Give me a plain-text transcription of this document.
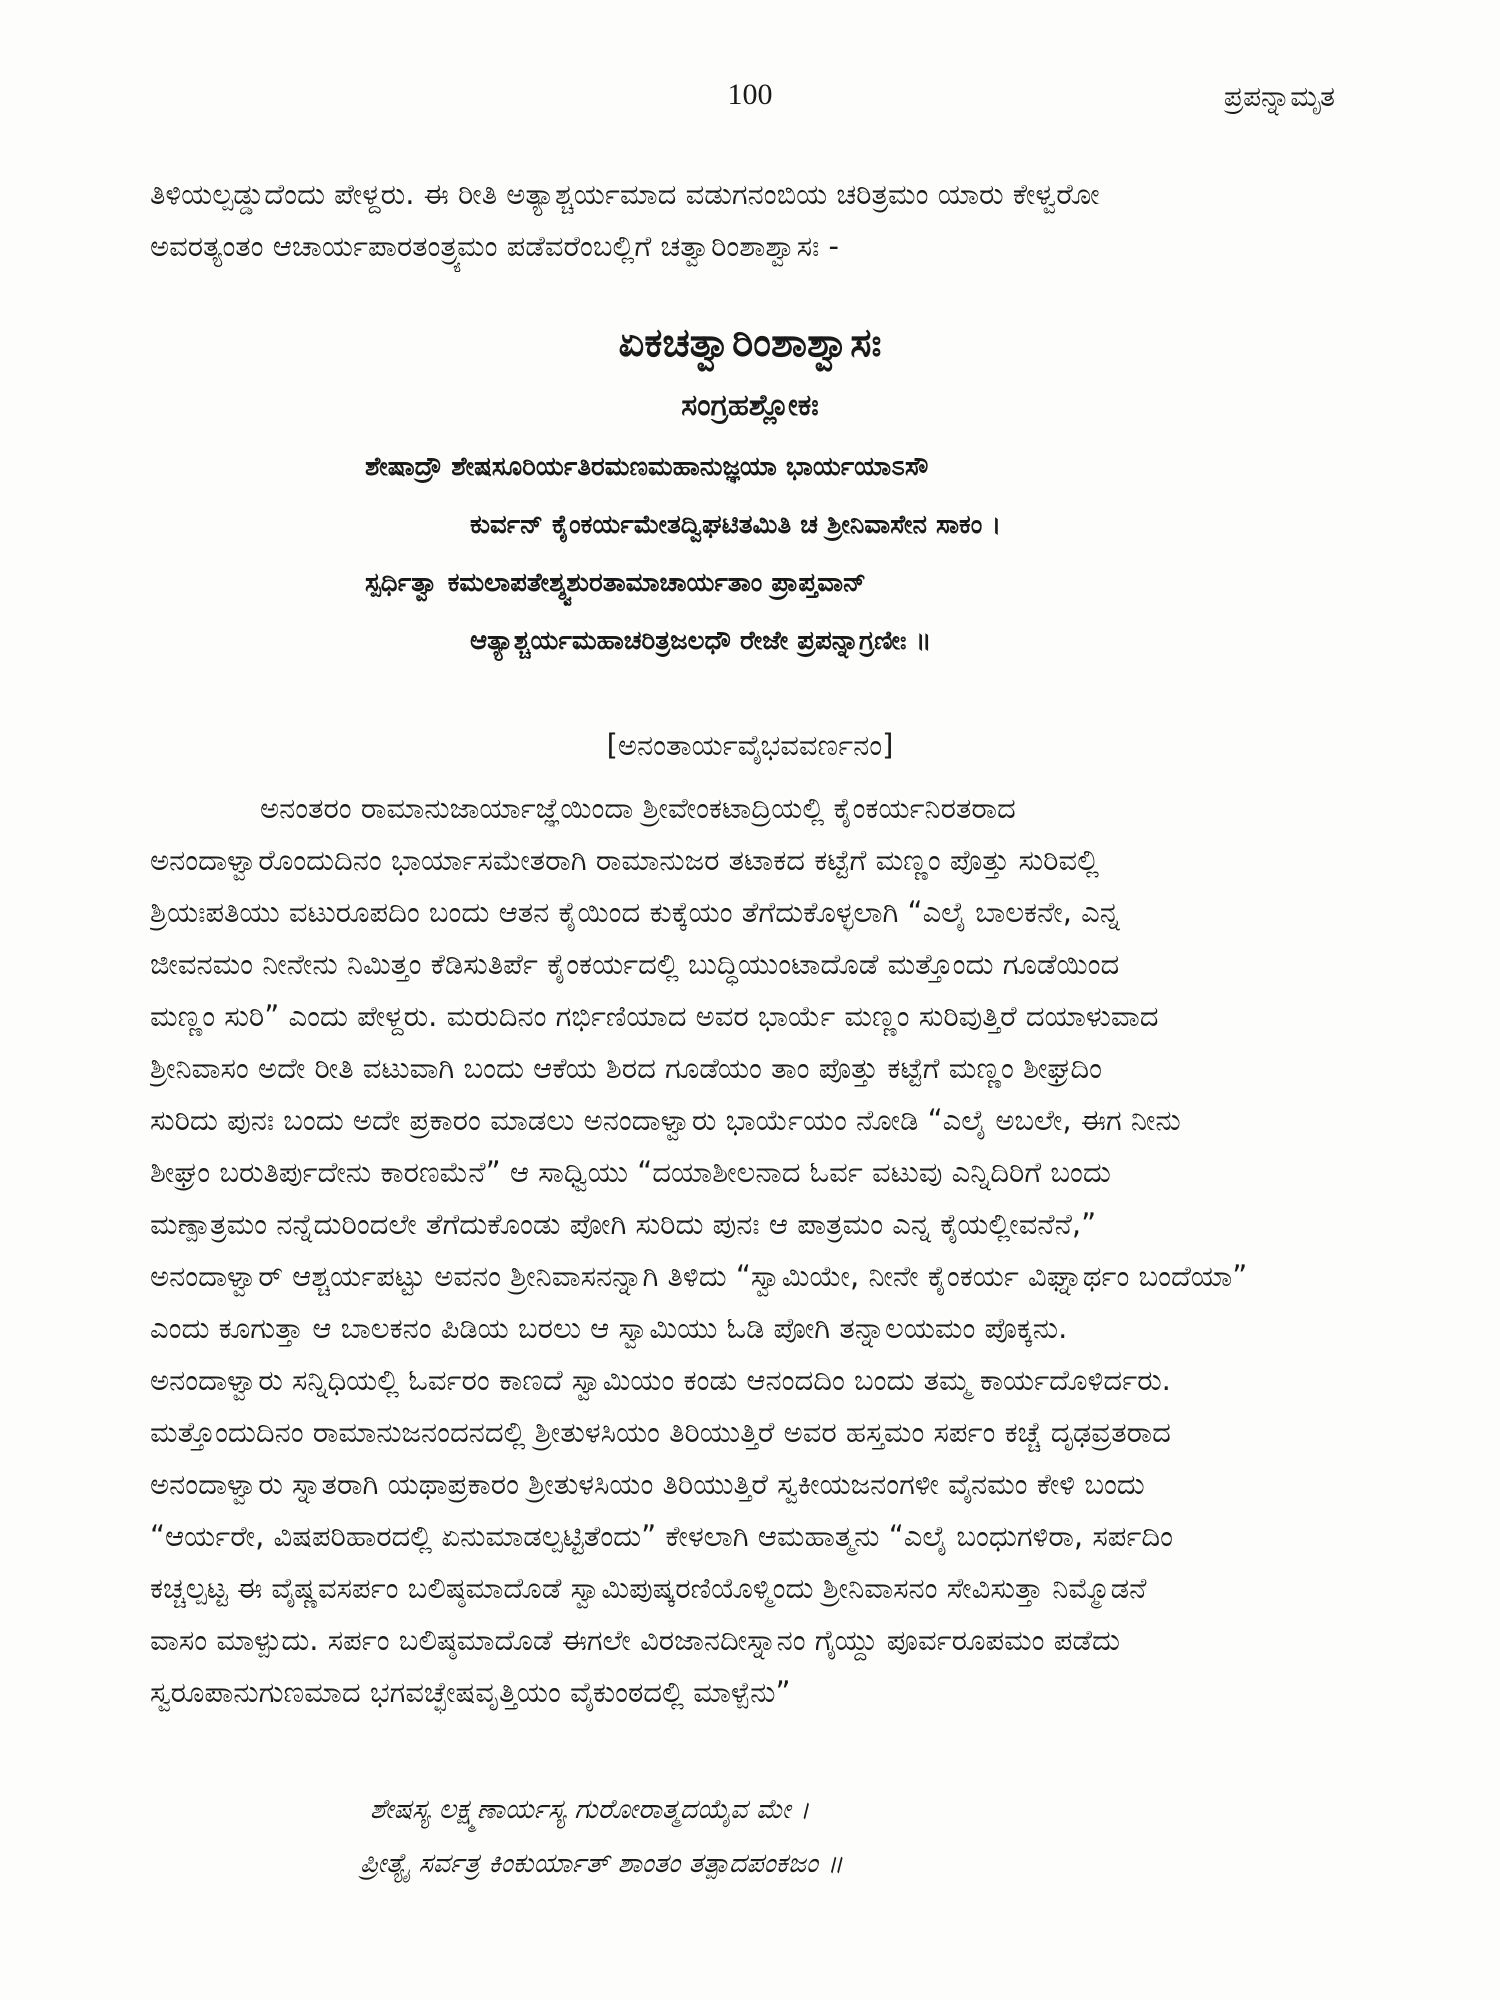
100	ಪ್ರಪನ್ನಾಮೃತ
ತಿಳಿಯಲ್ಪಡ್ಡುದೆಂದು ಪೇಳ್ದರು. ಈ ರೀತಿ ಅತ್ಯಾಶ್ಚರ್ಯಮಾದ ವಡುಗನಂಬಿಯ ಚರಿತ್ರಮಂ ಯಾರು ಕೇಳ್ವರೋ
ಅವರತ್ಯಂತಂ ಆಚಾರ್ಯಪಾರತಂತ್ರ್ಯಮಂ ಪಡೆವರೆಂಬಲ್ಲಿಗೆ ಚತ್ವಾರಿಂಶಾಶ್ವಾಸಃ -
ಏಕಚತ್ವಾರಿಂಶಾಶ್ವಾಸಃ
ಸಂಗ್ರಹಶ್ಲೋಕಃ
ಶೇಷಾದ್ರೌ ಶೇಷಸೂರಿರ್ಯತಿರಮಣಮಹಾನುಜ್ಞಯಾ ಭಾರ್ಯಯಾಽಸೌ
ಕುರ್ವನ್ ಕೈಂಕರ್ಯಮೇತದ್ವಿಘಟಿತಮಿತಿ ಚ ಶ್ರೀನಿವಾಸೇನ ಸಾಕಂ ।
ಸ್ಪರ್ಧಿತ್ವಾ ಕಮಲಾಪತೇಶ್ಶ್ವಶುರತಾಮಾಚಾರ್ಯತಾಂ ಪ್ರಾಪ್ತವಾನ್
ಆತ್ಯಾಶ್ಚರ್ಯಮಹಾಚರಿತ್ರಜಲಧೌ ರೇಜೇ ಪ್ರಪನ್ನಾಗ್ರಣೀಃ ॥
[ಅನಂತಾರ್ಯವೈಭವವರ್ಣನಂ]
ಅನಂತರಂ ರಾಮಾನುಜಾರ್ಯಾಜ್ಞೆಯಿಂದಾ ಶ್ರೀವೇಂಕಟಾದ್ರಿಯಲ್ಲಿ ಕೈಂಕರ್ಯನಿರತರಾದ
ಅನಂದಾಳ್ವಾರೊಂದುದಿನಂ ಭಾರ್ಯಾಸಮೇತರಾಗಿ ರಾಮಾನುಜರ ತಟಾಕದ ಕಟ್ಟೆಗೆ ಮಣ್ಣಂ ಪೊತ್ತು ಸುರಿವಲ್ಲಿ
ಶ್ರಿಯಃಪತಿಯು ವಟುರೂಪದಿಂ ಬಂದು ಆತನ ಕೈಯಿಂದ ಕುಕ್ಕೆಯಂ ತೆಗೆದುಕೊಳ್ಳಲಾಗಿ “ಎಲೈ ಬಾಲಕನೇ, ಎನ್ನ
ಜೀವನಮಂ ನೀನೇನು ನಿಮಿತ್ತಂ ಕೆಡಿಸುತಿರ್ಪೆ ಕೈಂಕರ್ಯದಲ್ಲಿ ಬುದ್ಧಿಯುಂಟಾದೊಡೆ ಮತ್ತೊಂದು ಗೂಡೆಯಿಂದ
ಮಣ್ಣಂ ಸುರಿ” ಎಂದು ಪೇಳ್ದರು. ಮರುದಿನಂ ಗರ್ಭಿಣಿಯಾದ ಅವರ ಭಾರ್ಯೆ ಮಣ್ಣಂ ಸುರಿವುತ್ತಿರೆ ದಯಾಳುವಾದ
ಶ್ರೀನಿವಾಸಂ ಅದೇ ರೀತಿ ವಟುವಾಗಿ ಬಂದು ಆಕೆಯ ಶಿರದ ಗೂಡೆಯಂ ತಾಂ ಪೊತ್ತು ಕಟ್ಟೆಗೆ ಮಣ್ಣಂ ಶೀಘ್ರದಿಂ
ಸುರಿದು ಪುನಃ ಬಂದು ಅದೇ ಪ್ರಕಾರಂ ಮಾಡಲು ಅನಂದಾಳ್ವಾರು ಭಾರ್ಯೆಯಂ ನೋಡಿ “ಎಲೈ ಅಬಲೇ, ಈಗ ನೀನು
ಶೀಘ್ರಂ ಬರುತಿರ್ಪುದೇನು ಕಾರಣಮೆನೆ” ಆ ಸಾಧ್ವಿಯು “ದಯಾಶೀಲನಾದ ಓರ್ವ ವಟುವು ಎನ್ನಿದಿರಿಗೆ ಬಂದು
ಮಣ್ಪಾತ್ರಮಂ ನನ್ನೆದುರಿಂದಲೇ ತೆಗೆದುಕೊಂಡು ಪೋಗಿ ಸುರಿದು ಪುನಃ ಆ ಪಾತ್ರಮಂ ಎನ್ನ ಕೈಯಲ್ಲೀವನೆನೆ,”
ಅನಂದಾಳ್ವಾರ್ ಆಶ್ಚರ್ಯಪಟ್ಟು ಅವನಂ ಶ್ರೀನಿವಾಸನನ್ನಾಗಿ ತಿಳಿದು “ಸ್ವಾಮಿಯೇ, ನೀನೇ ಕೈಂಕರ್ಯ ವಿಘ್ನಾರ್ಥಂ ಬಂದೆಯಾ”
ಎಂದು ಕೂಗುತ್ತಾ ಆ ಬಾಲಕನಂ ಪಿಡಿಯ ಬರಲು ಆ ಸ್ವಾಮಿಯು ಓಡಿ ಪೋಗಿ ತನ್ನಾಲಯಮಂ ಪೊಕ್ಕನು.
ಅನಂದಾಳ್ವಾರು ಸನ್ನಿಧಿಯಲ್ಲಿ ಓರ್ವರಂ ಕಾಣದೆ ಸ್ವಾಮಿಯಂ ಕಂಡು ಆನಂದದಿಂ ಬಂದು ತಮ್ಮ ಕಾರ್ಯದೊಳಿರ್ದರು.
ಮತ್ತೊಂದುದಿನಂ ರಾಮಾನುಜನಂದನದಲ್ಲಿ ಶ್ರೀತುಳಸಿಯಂ ತಿರಿಯುತ್ತಿರೆ ಅವರ ಹಸ್ತಮಂ ಸರ್ಪಂ ಕಚ್ಚೆ ದೃಢವ್ರತರಾದ
ಅನಂದಾಳ್ವಾರು ಸ್ನಾತರಾಗಿ ಯಥಾಪ್ರಕಾರಂ ಶ್ರೀತುಳಸಿಯಂ ತಿರಿಯುತ್ತಿರೆ ಸ್ವಕೀಯಜನಂಗಳೀ ವೈನಮಂ ಕೇಳಿ ಬಂದು
“ಆರ್ಯರೇ, ವಿಷಪರಿಹಾರದಲ್ಲಿ ಏನುಮಾಡಲ್ಪಟ್ಟಿತೆಂದು” ಕೇಳಲಾಗಿ ಆಮಹಾತ್ಮನು “ಎಲೈ ಬಂಧುಗಳಿರಾ, ಸರ್ಪದಿಂ
ಕಚ್ಚಲ್ಪಟ್ಟ ಈ ವೈಷ್ಣವಸರ್ಪಂ ಬಲಿಷ್ಠಮಾದೊಡೆ ಸ್ವಾಮಿಪುಷ್ಕರಣಿಯೊಳ್ಮಿಂದು ಶ್ರೀನಿವಾಸನಂ ಸೇವಿಸುತ್ತಾ ನಿಮ್ಮೊಡನೆ
ವಾಸಂ ಮಾಳ್ಪುದು. ಸರ್ಪಂ ಬಲಿಷ್ಠಮಾದೊಡೆ ಈಗಲೇ ವಿರಜಾನದೀಸ್ನಾನಂ ಗೈಯ್ದು ಪೂರ್ವರೂಪಮಂ ಪಡೆದು
ಸ್ವರೂಪಾನುಗುಣಮಾದ ಭಗವಚ್ಛೇಷವೃತ್ತಿಯಂ ವೈಕುಂಠದಲ್ಲಿ ಮಾಳ್ಪೆನು”
ಶೇಷಸ್ಯ ಲಕ್ಷ್ಮಣಾರ್ಯಸ್ಯ ಗುರೋರಾತ್ಮದಯೈವ ಮೇ ।
ಪ್ರೀತ್ಯೈ ಸರ್ವತ್ರ ಕಿಂಕುರ್ಯಾತ್ ಶಾಂತಂ ತತ್ಪಾದಪಂಕಜಂ ॥
